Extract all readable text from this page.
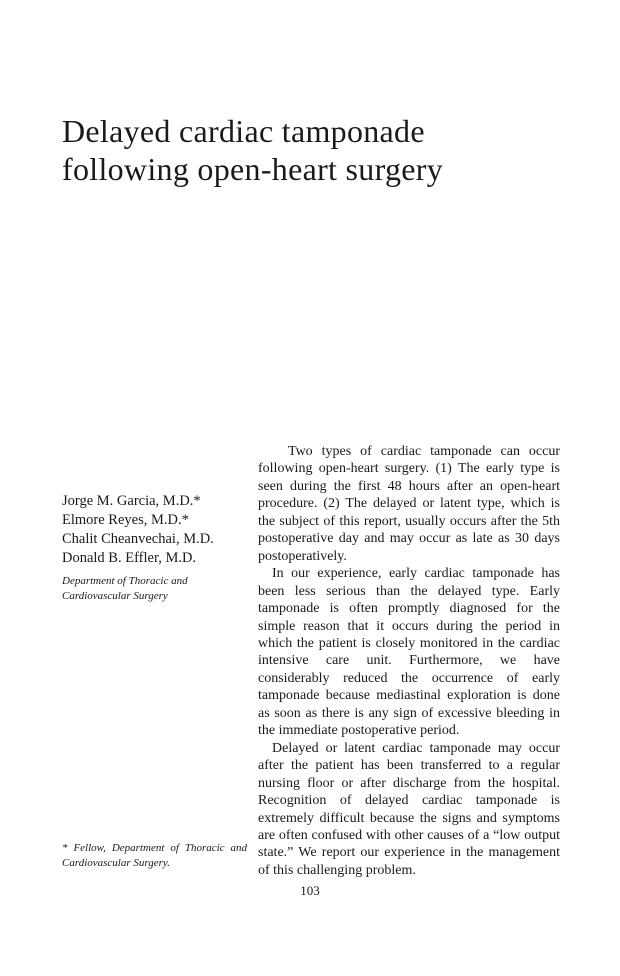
Delayed cardiac tamponade
following open-heart surgery
Jorge M. Garcia, M.D.*
Elmore Reyes, M.D.*
Chalit Cheanvechai, M.D.
Donald B. Effler, M.D.
Department of Thoracic and Cardiovascular Surgery
* Fellow, Department of Thoracic and Cardiovascular Surgery.

Two types of cardiac tamponade can occur following open-heart surgery. (1) The early type is seen during the first 48 hours after an open-heart procedure. (2) The delayed or latent type, which is the subject of this report, usually occurs after the 5th postoperative day and may occur as late as 30 days postoperatively.

In our experience, early cardiac tamponade has been less serious than the delayed type. Early tamponade is often promptly diagnosed for the simple reason that it occurs during the period in which the patient is closely monitored in the cardiac intensive care unit. Furthermore, we have considerably reduced the occurrence of early tamponade because mediastinal exploration is done as soon as there is any sign of excessive bleeding in the immediate postoperative period.

Delayed or latent cardiac tamponade may occur after the patient has been transferred to a regular nursing floor or after discharge from the hospital. Recognition of delayed cardiac tamponade is extremely difficult because the signs and symptoms are often confused with other causes of a “low output state.” We report our experience in the management of this challenging problem.

103
